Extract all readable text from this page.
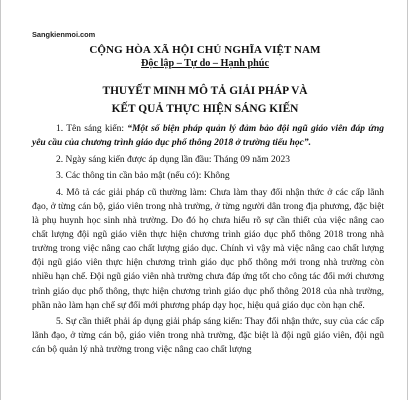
Sangkienmoi.com
CỘNG HÒA XÃ HỘI CHỦ NGHĨA VIỆT NAM
Độc lập – Tự do – Hạnh phúc
THUYẾT MINH MÔ TẢ GIẢI PHÁP VÀ
KẾT QUẢ THỰC HIỆN SÁNG KIẾN

1. Tên sáng kiến: “Một số biện pháp quản lý đảm bảo đội ngũ giáo viên đáp ứng yêu cầu của chương trình giáo dục phổ thông 2018 ở trường tiểu học”.

2. Ngày sáng kiến được áp dụng lần đầu: Tháng 09 năm 2023

3. Các thông tin cần bảo mật (nếu có): Không

4. Mô tả các giải pháp cũ thường làm: Chưa làm thay đổi nhận thức ở các cấp lãnh đạo, ở từng cán bộ, giáo viên trong nhà trường, ở từng người dân trong địa phương, đặc biệt là phụ huynh học sinh nhà trường. Do đó họ chưa hiểu rõ sự cần thiết của việc nâng cao chất lượng đội ngũ giáo viên thực hiện chương trình giáo dục phổ thông 2018 trong nhà trường trong việc nâng cao chất lượng giáo dục. Chính vì vậy mà việc nâng cao chất lượng đội ngũ giáo viên thực hiện chương trình giáo dục phổ thông mới trong nhà trường còn nhiều hạn chế. Đội ngũ giáo viên nhà trường chưa đáp ứng tốt cho công tác đổi mới chương trình giáo dục phổ thông, thực hiện chương trình giáo dục phổ thông 2018 của nhà trường, phần nào làm hạn chế sự đổi mới phương pháp dạy học, hiệu quả giáo dục còn hạn chế.

5. Sự cần thiết phải áp dụng giải pháp sáng kiến: Thay đổi nhận thức, suy của các cấp lãnh đạo, ở từng cán bộ, giáo viên trong nhà trường, đặc biệt là đội ngũ giáo viên, đội ngũ cán bộ quản lý nhà trường trong việc nâng cao chất lượng
